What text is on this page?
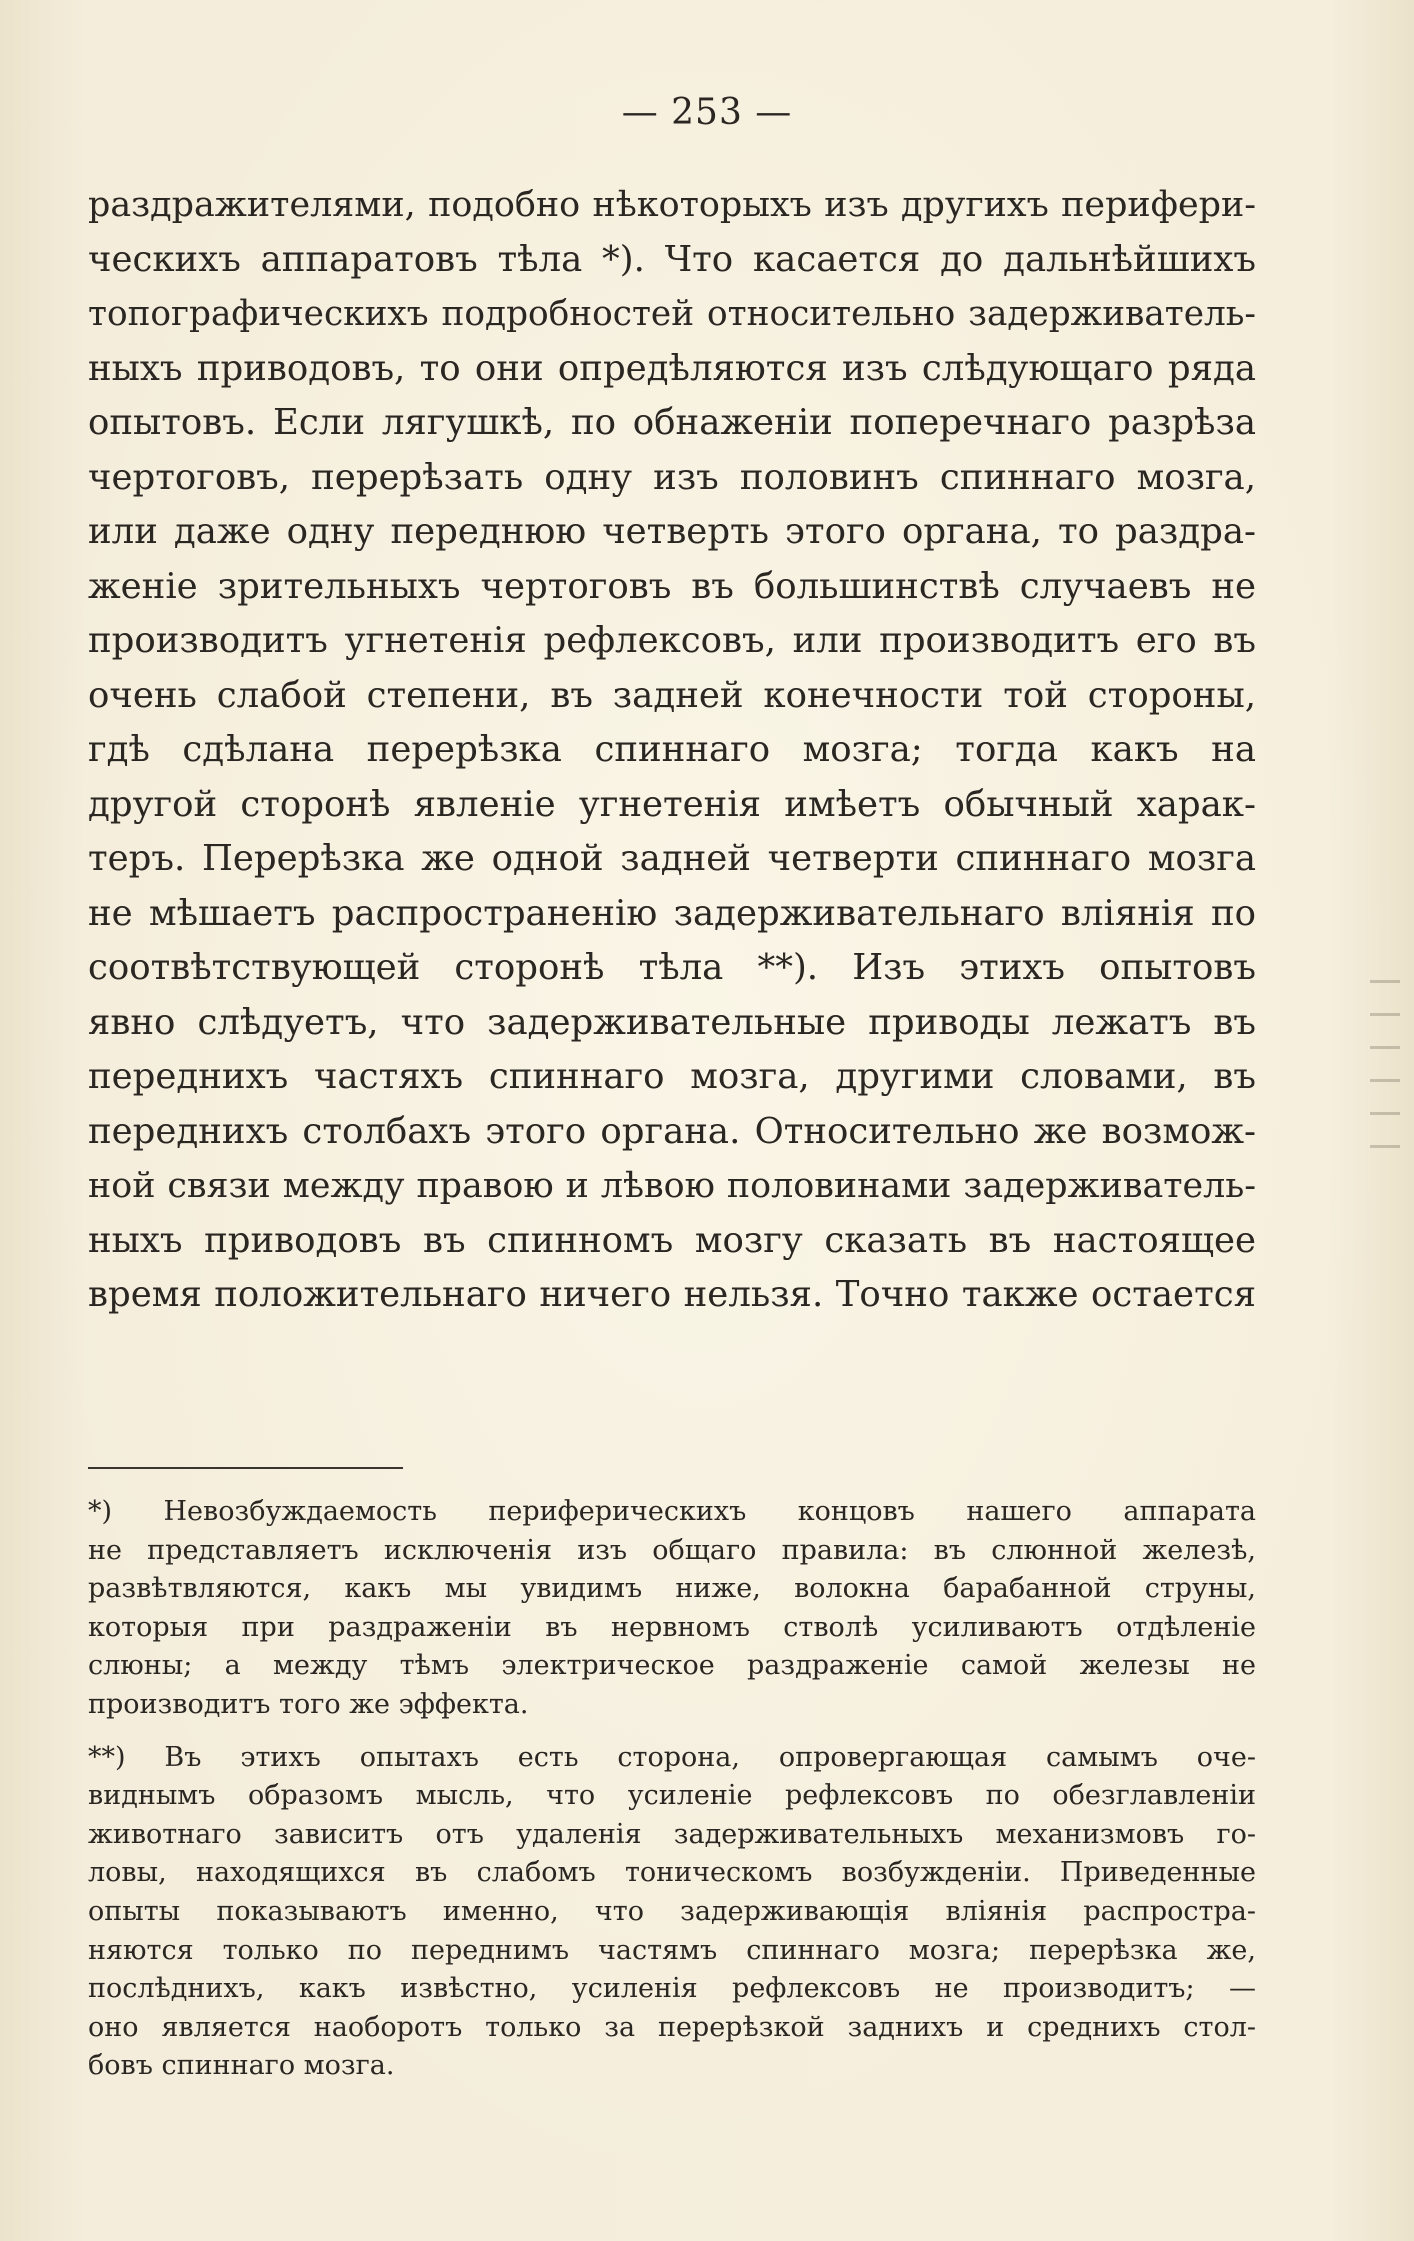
— 253 —
раздражителями, подобно нѣкоторыхъ изъ другихъ перифери-
ческихъ аппаратовъ тѣла *). Что касается до дальнѣйшихъ
топографическихъ подробностей относительно задерживатель-
ныхъ приводовъ, то они опредѣляются изъ слѣдующаго ряда
опытовъ. Если лягушкѣ, по обнаженіи поперечнаго разрѣза
чертоговъ, перерѣзать одну изъ половинъ спиннаго мозга,
или даже одну переднюю четверть этого органа, то раздра-
женіе зрительныхъ чертоговъ въ большинствѣ случаевъ не
производитъ угнетенія рефлексовъ, или производитъ его въ
очень слабой степени, въ задней конечности той стороны,
гдѣ сдѣлана перерѣзка спиннаго мозга; тогда какъ на
другой сторонѣ явленіе угнетенія имѣетъ обычный харак-
теръ. Перерѣзка же одной задней четверти спиннаго мозга
не мѣшаетъ распространенію задерживательнаго вліянія по
соотвѣтствующей сторонѣ тѣла **). Изъ этихъ опытовъ
явно слѣдуетъ, что задерживательные приводы лежатъ въ
переднихъ частяхъ спиннаго мозга, другими словами, въ
переднихъ столбахъ этого органа. Относительно же возмож-
ной связи между правою и лѣвою половинами задерживатель-
ныхъ приводовъ въ спинномъ мозгу сказать въ настоящее
время положительнаго ничего нельзя. Точно также остается
*) Невозбуждаемость периферическихъ концовъ нашего аппарата
не представляетъ исключенія изъ общаго правила: въ слюнной железѣ,
развѣтвляются, какъ мы увидимъ ниже, волокна барабанной струны,
которыя при раздраженіи въ нервномъ стволѣ усиливаютъ отдѣленіе
слюны; а между тѣмъ электрическое раздраженіе самой железы не
производитъ того же эффекта.
**) Въ этихъ опытахъ есть сторона, опровергающая самымъ оче-
виднымъ образомъ мысль, что усиленіе рефлексовъ по обезглавленіи
животнаго зависитъ отъ удаленія задерживательныхъ механизмовъ го-
ловы, находящихся въ слабомъ тоническомъ возбужденіи. Приведенные
опыты показываютъ именно, что задерживающія вліянія распростра-
няются только по переднимъ частямъ спиннаго мозга; перерѣзка же,
послѣднихъ, какъ извѣстно, усиленія рефлексовъ не производитъ; —
оно является наоборотъ только за перерѣзкой заднихъ и среднихъ стол-
бовъ спиннаго мозга.
